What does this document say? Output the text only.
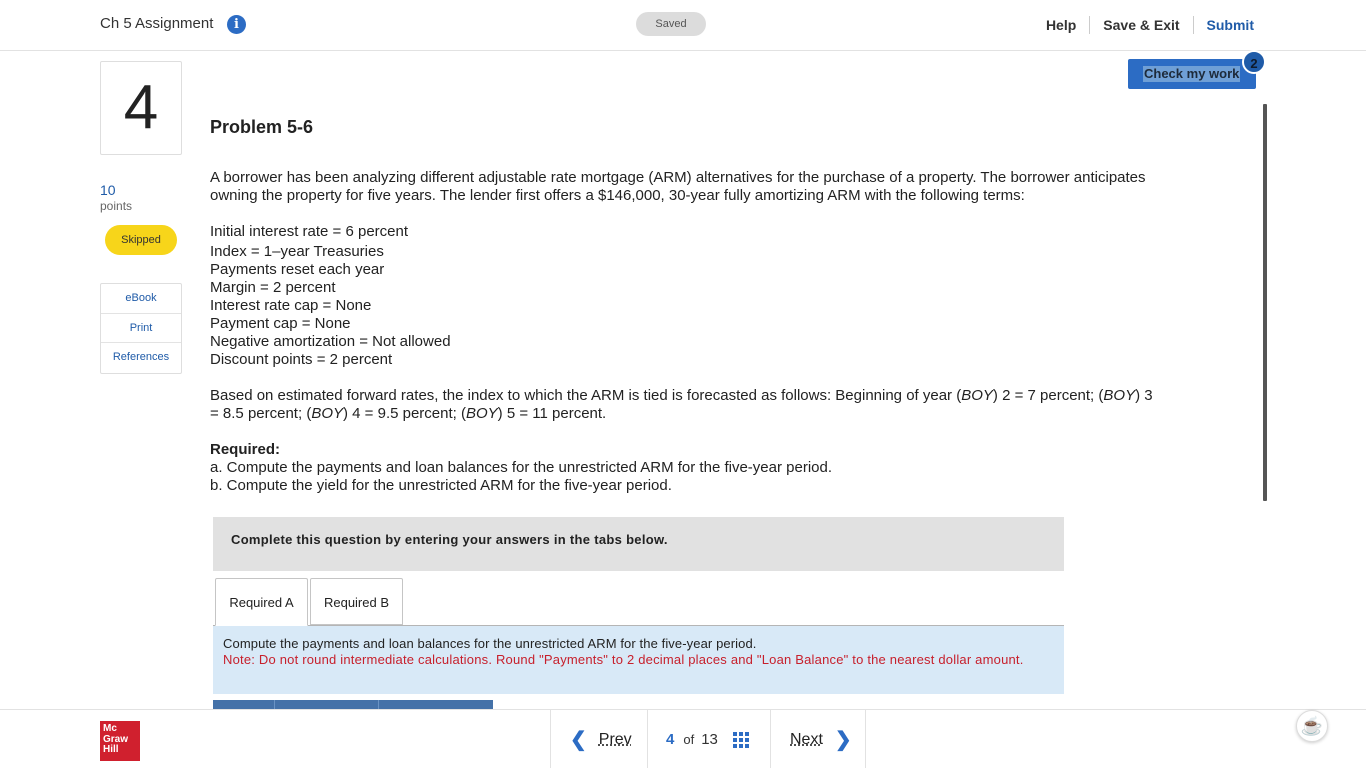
Ch 5 Assignment	i	Saved	Help Save & Exit Submit
4
10
points
Skipped
eBook
Print
References
Check my work
2
Problem 5-6
A borrower has been analyzing different adjustable rate mortgage (ARM) alternatives for the purchase of a property. The borrower anticipates owning the property for five years. The lender first offers a $146,000, 30-year fully amortizing ARM with the following terms:
Initial interest rate = 6 percent
Index = 1–year Treasuries
Payments reset each year
Margin = 2 percent
Interest rate cap = None
Payment cap = None
Negative amortization = Not allowed
Discount points = 2 percent
Based on estimated forward rates, the index to which the ARM is tied is forecasted as follows: Beginning of year (BOY) 2 = 7 percent; (BOY) 3 = 8.5 percent; (BOY) 4 = 9.5 percent; (BOY) 5 = 11 percent.
Required:
a. Compute the payments and loan balances for the unrestricted ARM for the five-year period.
b. Compute the yield for the unrestricted ARM for the five-year period.
Complete this question by entering your answers in the tabs below.
Required A	Required B
Compute the payments and loan balances for the unrestricted ARM for the five-year period.
Note: Do not round intermediate calculations. Round "Payments" to 2 decimal places and "Loan Balance" to the nearest dollar amount.
Mc
Graw
Hill	❮ Prev 4 of 13	Next ❯
☕
